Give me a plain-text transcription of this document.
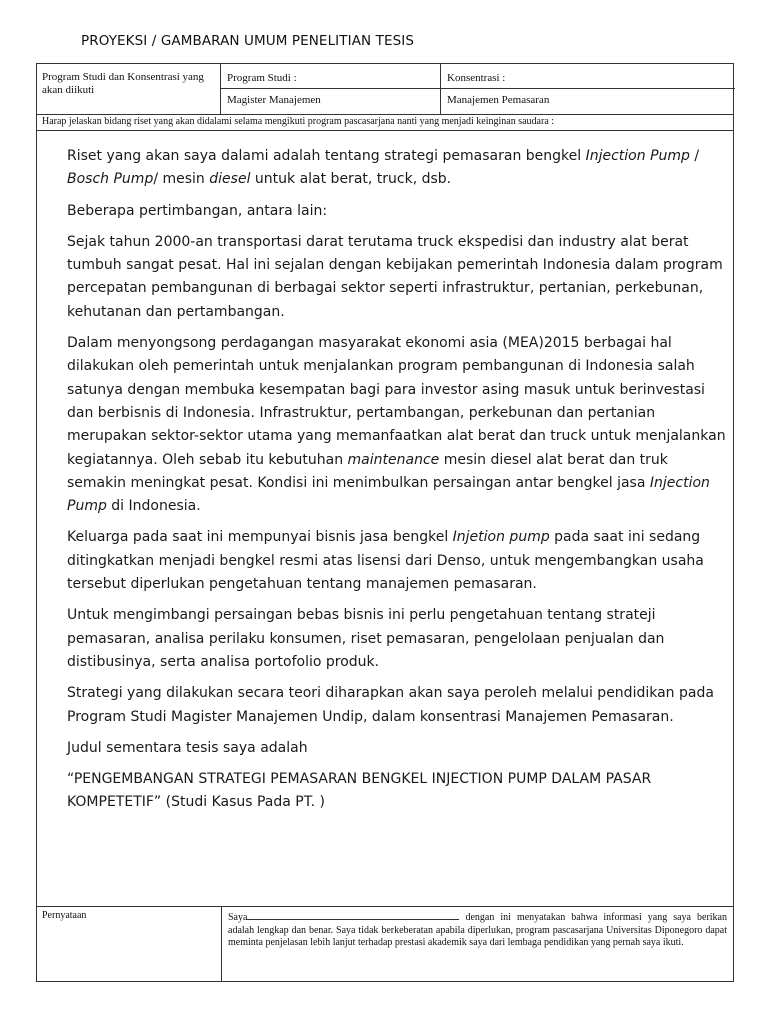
PROYEKSI / GAMBARAN UMUM PENELITIAN TESIS
Program Studi dan Konsentrasi yang akan diikuti
Program Studi :
Magister Manajemen
Konsentrasi :
Manajemen Pemasaran
Harap jelaskan bidang riset yang akan didalami selama mengikuti program pascasarjana nanti yang menjadi keinginan saudara :

Riset yang akan saya dalami adalah tentang strategi pemasaran bengkel Injection Pump / Bosch Pump/ mesin diesel untuk alat berat, truck, dsb.

Beberapa pertimbangan, antara lain:

Sejak tahun 2000-an transportasi darat terutama truck ekspedisi dan industry alat berat tumbuh sangat pesat. Hal ini sejalan dengan kebijakan pemerintah Indonesia dalam program percepatan pembangunan di berbagai sektor seperti infrastruktur, pertanian, perkebunan, kehutanan dan pertambangan.

Dalam menyongsong perdagangan masyarakat ekonomi asia (MEA)2015 berbagai hal dilakukan oleh pemerintah untuk menjalankan program pembangunan di Indonesia salah satunya dengan membuka kesempatan bagi para investor asing masuk untuk berinvestasi dan berbisnis di Indonesia. Infrastruktur, pertambangan, perkebunan dan pertanian merupakan sektor-sektor utama yang memanfaatkan alat berat dan truck untuk menjalankan kegiatannya. Oleh sebab itu kebutuhan maintenance mesin diesel alat berat dan truk semakin meningkat pesat. Kondisi ini menimbulkan persaingan antar bengkel jasa Injection Pump di Indonesia.

Keluarga pada saat ini mempunyai bisnis jasa bengkel Injetion pump pada saat ini sedang ditingkatkan menjadi bengkel resmi atas lisensi dari Denso, untuk mengembangkan usaha tersebut diperlukan pengetahuan tentang manajemen pemasaran.

Untuk mengimbangi persaingan bebas bisnis ini perlu pengetahuan tentang strateji pemasaran, analisa perilaku konsumen, riset pemasaran, pengelolaan penjualan dan distibusinya, serta analisa portofolio produk.

Strategi yang dilakukan secara teori diharapkan akan saya peroleh melalui pendidikan pada Program Studi Magister Manajemen Undip, dalam konsentrasi Manajemen Pemasaran.

Judul sementara tesis saya adalah

“PENGEMBANGAN STRATEGI PEMASARAN BENGKEL INJECTION PUMP DALAM PASAR KOMPETETIF” (Studi Kasus Pada PT. )

Pernyataan	Saya	dengan ini menyatakan bahwa informasi yang saya berikan adalah lengkap dan benar. Saya tidak berkeberatan apabila diperlukan, program pascasarjana Universitas Diponegoro dapat meminta penjelasan lebih lanjut terhadap prestasi akademik saya dari lembaga pendidikan yang pernah saya ikuti.
